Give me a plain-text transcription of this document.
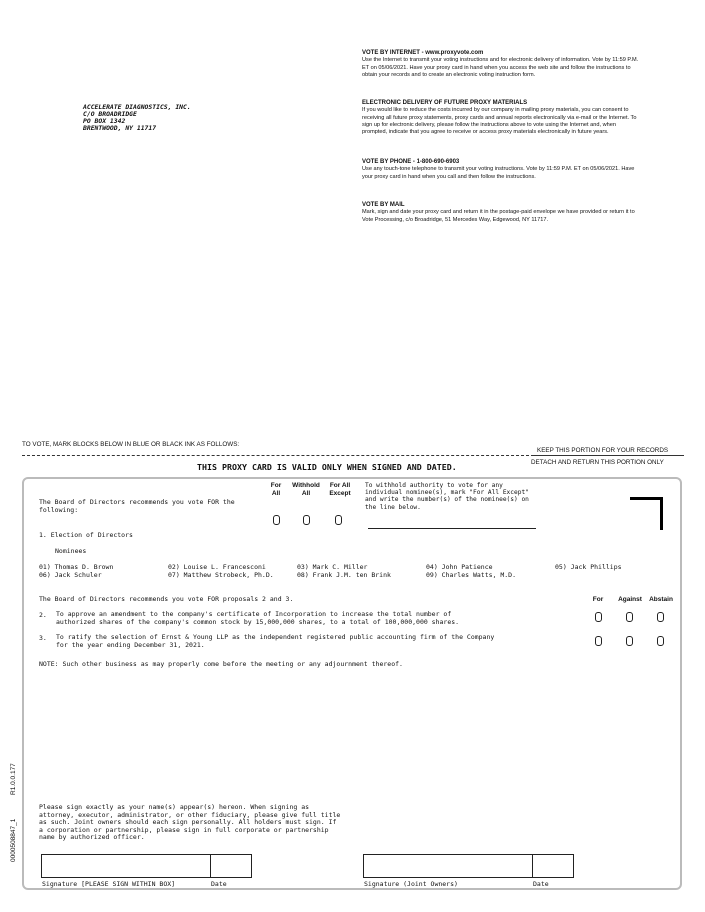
ACCELERATE DIAGNOSTICS, INC.
C/O BROADRIDGE
PO BOX 1342
BRENTWOOD, NY 11717
VOTE BY INTERNET - www.proxyvote.com
Use the Internet to transmit your voting instructions and for electronic delivery of information. Vote by 11:59 P.M. ET on 05/06/2021. Have your proxy card in hand when you access the web site and follow the instructions to obtain your records and to create an electronic voting instruction form.
ELECTRONIC DELIVERY OF FUTURE PROXY MATERIALS
If you would like to reduce the costs incurred by our company in mailing proxy materials, you can consent to receiving all future proxy statements, proxy cards and annual reports electronically via e-mail or the Internet. To sign up for electronic delivery, please follow the instructions above to vote using the Internet and, when prompted, indicate that you agree to receive or access proxy materials electronically in future years.
VOTE BY PHONE - 1-800-690-6903
Use any touch-tone telephone to transmit your voting instructions. Vote by 11:59 P.M. ET on 05/06/2021. Have your proxy card in hand when you call and then follow the instructions.
VOTE BY MAIL
Mark, sign and date your proxy card and return it in the postage-paid envelope we have provided or return it to Vote Processing, c/o Broadridge, 51 Mercedes Way, Edgewood, NY 11717.
TO VOTE, MARK BLOCKS BELOW IN BLUE OR BLACK INK AS FOLLOWS:
KEEP THIS PORTION FOR YOUR RECORDS
DETACH AND RETURN THIS PORTION ONLY
THIS PROXY CARD IS VALID ONLY WHEN SIGNED AND DATED.
The Board of Directors recommends you vote FOR the following:
For All
Withhold All
For All Except
To withhold authority to vote for any individual nominee(s), mark "For All Except" and write the number(s) of the nominee(s) on the line below.
1. Election of Directors
Nominees
01) Thomas D. Brown	02) Louise L. Francesconi	03) Mark C. Miller	04) John Patience	05) Jack Phillips
06) Jack Schuler	07) Matthew Strobeck, Ph.D.	08) Frank J.M. ten Brink	09) Charles Watts, M.D.
The Board of Directors recommends you vote FOR proposals 2 and 3.	For	Against	Abstain
2. To approve an amendment to the company's certificate of Incorporation to increase the total number of authorized shares of the company's common stock by 15,000,000 shares, to a total of 100,000,000 shares.
3. To ratify the selection of Ernst & Young LLP as the independent registered public accounting firm of the Company for the year ending December 31, 2021.
NOTE: Such other business as may properly come before the meeting or any adjournment thereof.
Please sign exactly as your name(s) appear(s) hereon. When signing as attorney, executor, administrator, or other fiduciary, please give full title as such. Joint owners should each sign personally. All holders must sign. If a corporation or partnership, please sign in full corporate or partnership name by authorized officer.
Signature [PLEASE SIGN WITHIN BOX]	Date	Signature (Joint Owners)	Date
0000508847_1
R1.0.0.177
